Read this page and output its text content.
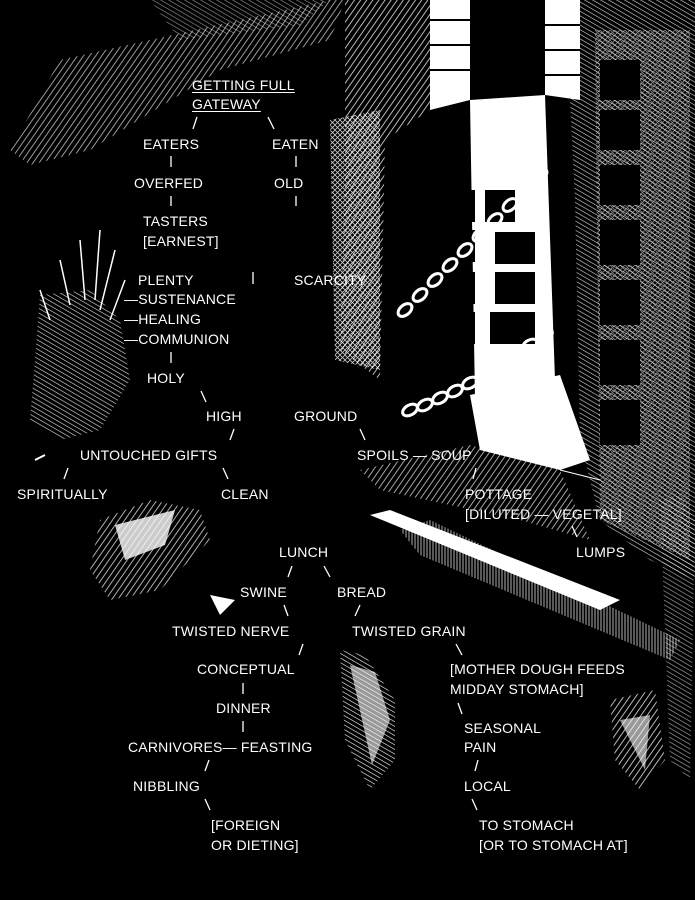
GETTING FULL
GATEWAY
EATERS	EATEN
OVERFED	OLD
TASTERS
[EARNEST]
PLENTY	SCARCITY
—SUSTENANCE
—HEALING
—COMMUNION
HOLY
HIGH	GROUND
UNTOUCHED GIFTS	SPOILS — SOUP
SPIRITUALLY	CLEAN	POTTAGE
[DILUTED — VEGETAL]
LUMPS
LUNCH
SWINE	BREAD
TWISTED NERVE	TWISTED GRAIN
CONCEPTUAL	[MOTHER DOUGH FEEDS
MIDDAY STOMACH]
DINNER
SEASONAL
PAIN
CARNIVORES— FEASTING
NIBBLING	LOCAL
[FOREIGN
OR DIETING]
TO STOMACH
[OR TO STOMACH AT]
